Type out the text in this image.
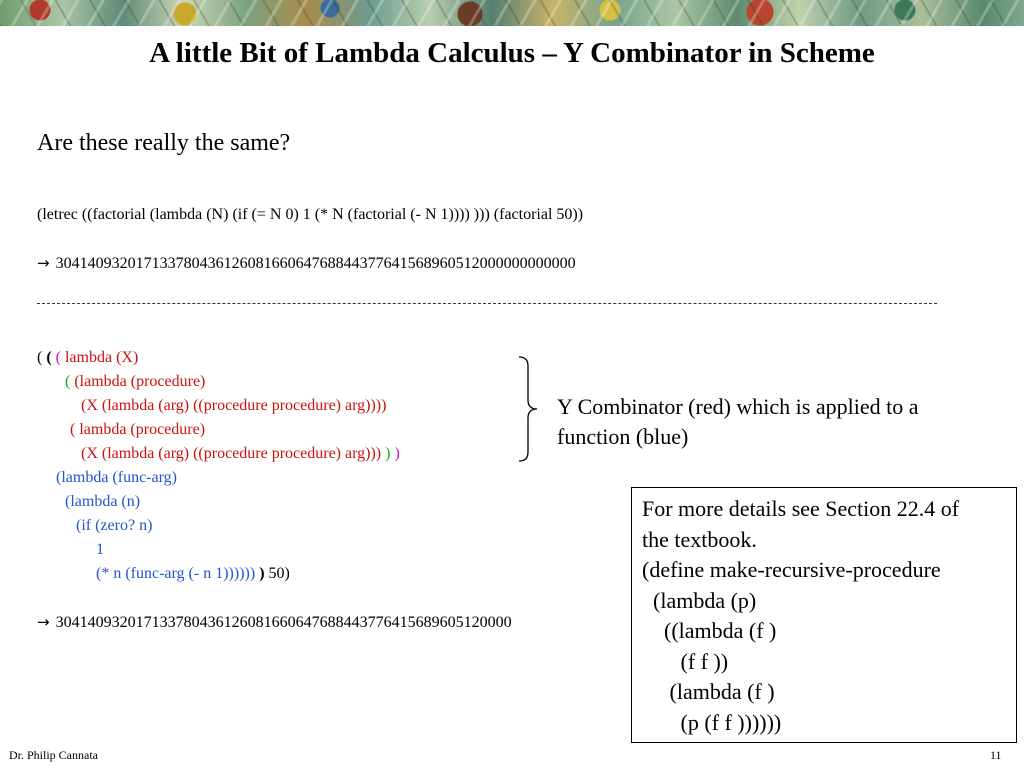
A little Bit of Lambda Calculus – Y Combinator in Scheme
Are these really the same?
(letrec ((factorial (lambda (N) (if (= N 0) 1 (* N (factorial (- N 1)))) ))) (factorial 50))
→ 30414093201713378043612608166064768844377641568960512000000000000
( ( ( lambda (X)
( (lambda (procedure)
(X (lambda (arg) ((procedure procedure) arg))))
( lambda (procedure)
(X (lambda (arg) ((procedure procedure) arg))) ) )
(lambda (func-arg)
(lambda (n)
(if (zero? n)
1
(* n (func-arg (- n 1)))))) ) 50)
Y Combinator (red) which is applied to a function (blue)
→ 304140932017133780436126081660647688443776415689605120000
For more details see Section 22.4 of
the textbook.
(define make-recursive-procedure
(lambda (p)
((lambda (f )
(f f ))
(lambda (f )
(p (f f ))))))
Dr. Philip Cannata	11
